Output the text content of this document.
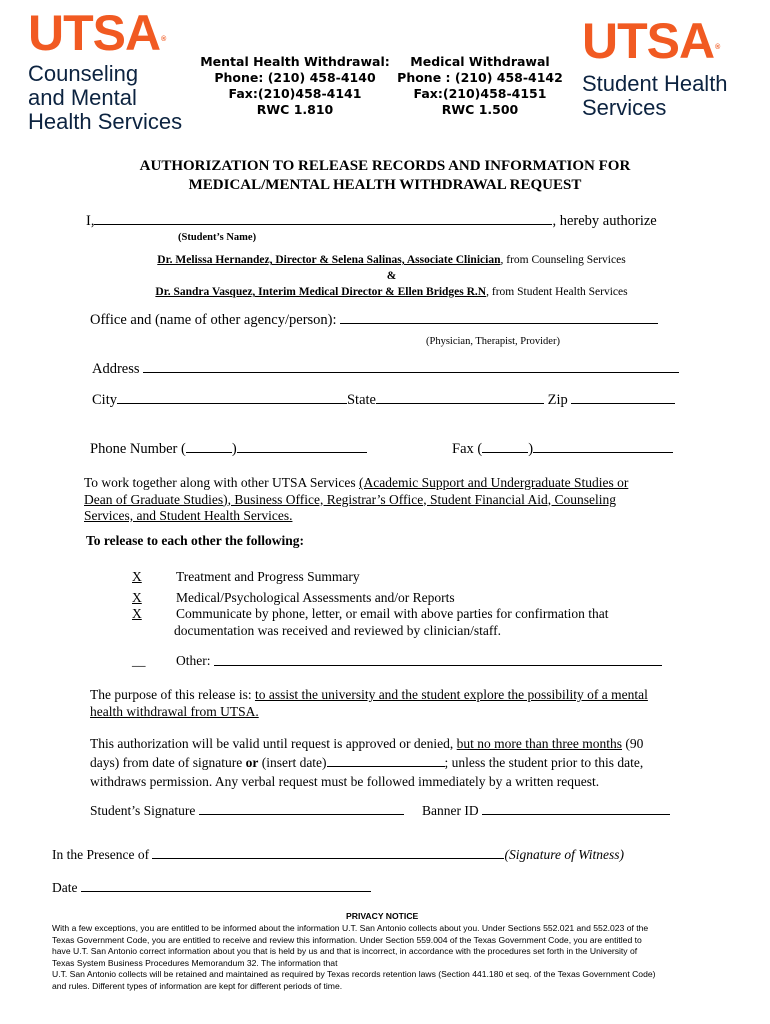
UTSA®
Counseling
and Mental
Health Services
UTSA®
Student Health
Services
Mental Health Withdrawal:
Phone: (210) 458-4140
Fax:(210)458-4141
RWC 1.810
Medical Withdrawal
Phone : (210) 458-4142
Fax:(210)458-4151
RWC 1.500
AUTHORIZATION TO RELEASE RECORDS AND INFORMATION FOR
MEDICAL/MENTAL HEALTH WITHDRAWAL REQUEST
I,	, hereby authorize
(Student’s Name)
Dr. Melissa Hernandez, Director & Selena Salinas, Associate Clinician, from Counseling Services
&
Dr. Sandra Vasquez, Interim Medical Director & Ellen Bridges R.N, from Student Health Services
Office and (name of other agency/person):
(Physician, Therapist, Provider)
Address
City	State	Zip
Phone Number (	)	Fax (	)
To work together along with other UTSA Services (Academic Support and Undergraduate Studies or
Dean of Graduate Studies), Business Office, Registrar’s Office, Student Financial Aid, Counseling
Services, and Student Health Services.
To release to each other the following:
X	Treatment and Progress Summary
X	Medical/Psychological Assessments and/or Reports
X	Communicate by phone, letter, or email with above parties for confirmation that
documentation was received and reviewed by clinician/staff.
__	Other:

The purpose of this release is: to assist the university and the student explore the possibility of a mental
health withdrawal from UTSA.
This authorization will be valid until request is approved or denied, but no more than three months (90
days) from date of signature or (insert date)	; unless the student prior to this date,
withdraws permission. Any verbal request must be followed immediately by a written request.
Student’s Signature	Banner ID
In the Presence of	(Signature of Witness)
Date
PRIVACY NOTICE
With a few exceptions, you are entitled to be informed about the information U.T. San Antonio collects about you. Under Sections 552.021 and 552.023 of the
Texas Government Code, you are entitled to receive and review this information. Under Section 559.004 of the Texas Government Code, you are entitled to
have U.T. San Antonio correct information about you that is held by us and that is incorrect, in accordance with the procedures set forth in the University of
Texas System Business Procedures Memorandum 32. The information that
U.T. San Antonio collects will be retained and maintained as required by Texas records retention laws (Section 441.180 et seq. of the Texas Government Code)
and rules. Different types of information are kept for different periods of time.
